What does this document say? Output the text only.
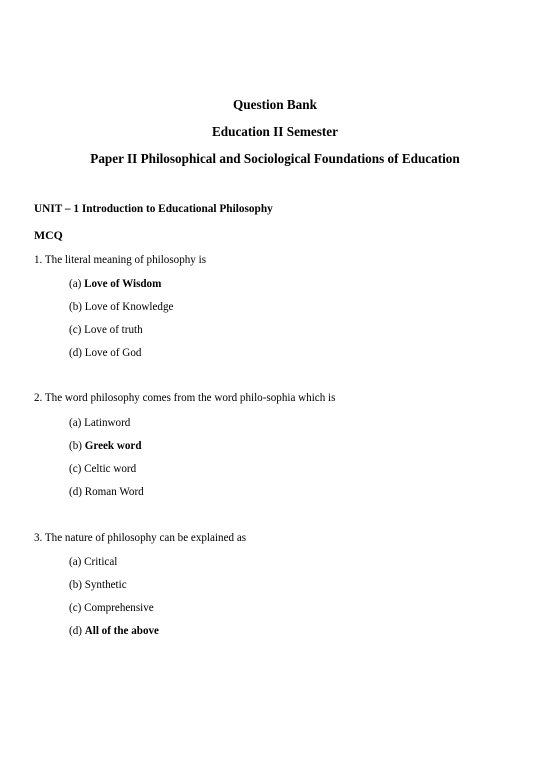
Question Bank
Education II Semester
Paper II Philosophical and Sociological Foundations of Education
UNIT – 1 Introduction to Educational Philosophy
MCQ
1. The literal meaning of philosophy is
(a) Love of Wisdom
(b) Love of Knowledge
(c) Love of truth
(d) Love of God
2. The word philosophy comes from the word philo-sophia which is
(a) Latinword
(b) Greek word
(c) Celtic word
(d) Roman Word
3. The nature of philosophy can be explained as
(a) Critical
(b) Synthetic
(c) Comprehensive
(d) All of the above
